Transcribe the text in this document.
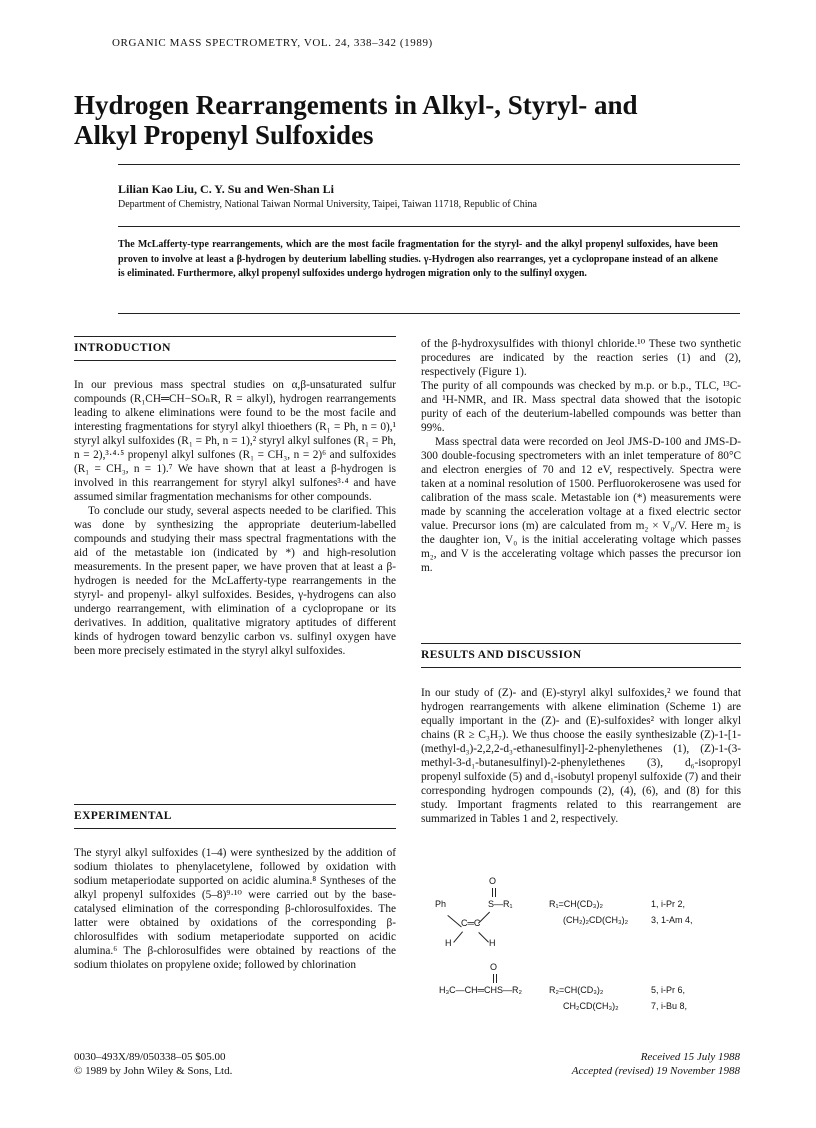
ORGANIC MASS SPECTROMETRY, VOL. 24, 338–342 (1989)
Hydrogen Rearrangements in Alkyl-, Styryl- and
Alkyl Propenyl Sulfoxides
Lilian Kao Liu, C. Y. Su and Wen-Shan Li
Department of Chemistry, National Taiwan Normal University, Taipei, Taiwan 11718, Republic of China
The McLafferty-type rearrangements, which are the most facile fragmentation for the styryl- and the alkyl propenyl sulfoxides, have been proven to involve at least a β-hydrogen by deuterium labelling studies. γ-Hydrogen also rearranges, yet a cyclopropane instead of an alkene is eliminated. Furthermore, alkyl propenyl sulfoxides undergo hydrogen migration only to the sulfinyl oxygen.
INTRODUCTION

In our previous mass spectral studies on α,β-unsaturated sulfur compounds (R₁CH═CH−SOₙR, R = alkyl), hydrogen rearrangements leading to alkene eliminations were found to be the most facile and interesting fragmentations for styryl alkyl thioethers (R₁ = Ph, n = 0),¹ styryl alkyl sulfoxides (R₁ = Ph, n = 1),² styryl alkyl sulfones (R₁ = Ph, n = 2),³·⁴·⁵ propenyl alkyl sulfones (R₁ = CH₃, n = 2)⁶ and sulfoxides (R₁ = CH₃, n = 1).⁷ We have shown that at least a β-hydrogen is involved in this rearrangement for styryl alkyl sulfones³·⁴ and have assumed similar fragmentation mechanisms for other compounds.

To conclude our study, several aspects needed to be clarified. This was done by synthesizing the appropriate deuterium-labelled compounds and studying their mass spectral fragmentations with the aid of the metastable ion (indicated by *) and high-resolution measurements. In the present paper, we have proven that at least a β-hydrogen is needed for the McLafferty-type rearrangements in the styryl- and propenyl- alkyl sulfoxides. Besides, γ-hydrogens can also undergo rearrangement, with elimination of a cyclopropane or its derivatives. In addition, qualitative migratory aptitudes of different kinds of hydrogen toward benzylic carbon vs. sulfinyl oxygen have been more precisely estimated in the styryl alkyl sulfoxides.

EXPERIMENTAL

The styryl alkyl sulfoxides (1–4) were synthesized by the addition of sodium thiolates to phenylacetylene, followed by oxidation with sodium metaperiodate supported on acidic alumina.⁸ Syntheses of the alkyl propenyl sulfoxides (5–8)⁹·¹⁰ were carried out by the base-catalysed elimination of the corresponding β-chlorosulfoxides. The latter were obtained by oxidations of the corresponding β-chlorosulfides with sodium metaperiodate supported on acidic alumina.⁶ The β-chlorosulfides were obtained by reactions of the sodium thiolates on propylene oxide; followed by chlorination

of the β-hydroxysulfides with thionyl chloride.¹⁰ These two synthetic procedures are indicated by the reaction series (1) and (2), respectively (Figure 1).

The purity of all compounds was checked by m.p. or b.p., TLC, ¹³C- and ¹H-NMR, and IR. Mass spectral data showed that the isotopic purity of each of the deuterium-labelled compounds was better than 99%.

Mass spectral data were recorded on Jeol JMS-D-100 and JMS-D-300 double-focusing spectrometers with an inlet temperature of 80°C and electron energies of 70 and 12 eV, respectively. Spectra were taken at a nominal resolution of 1500. Perfluorokerosene was used for calibration of the mass scale. Metastable ion (*) measurements were made by scanning the acceleration voltage at a fixed electric sector value. Precursor ions (m) are calculated from m₂ × V₀/V. Here m₂ is the daughter ion, V₀ is the initial accelerating voltage which passes m₂, and V is the accelerating voltage which passes the precursor ion m.

RESULTS AND DISCUSSION

In our study of (Z)- and (E)-styryl alkyl sulfoxides,² we found that hydrogen rearrangements with alkene elimination (Scheme 1) are equally important in the (Z)- and (E)-sulfoxides² with longer alkyl chains (R ≥ C₃H₇). We thus choose the easily synthesizable (Z)-1-[1-(methyl-d₃)-2,2,2-d₃-ethanesulfinyl]-2-phenylethenes (1), (Z)-1-(3-methyl-3-d₁-butanesulfinyl)-2-phenylethenes (3), d₆-isopropyl propenyl sulfoxide (5) and d₁-isobutyl propenyl sulfoxide (7) and their corresponding hydrogen compounds (2), (4), (6), and (8) for this study. Important fragments related to this rearrangement are summarized in Tables 1 and 2, respectively.

O
Ph	S—R₁
C═C
H	H
R₁=CH(CD₃)₂	1, i-Pr 2,
(CH₂)₂CD(CH₃)₂	3, 1-Am 4,
O
H₃C—CH═CHS—R₂	R₂=CH(CD₃)₂	5, i-Pr 6,
CH₂CD(CH₃)₂	7, i-Bu 8,
0030–493X/89/050338–05 $05.00
© 1989 by John Wiley & Sons, Ltd.
Received 15 July 1988
Accepted (revised) 19 November 1988
